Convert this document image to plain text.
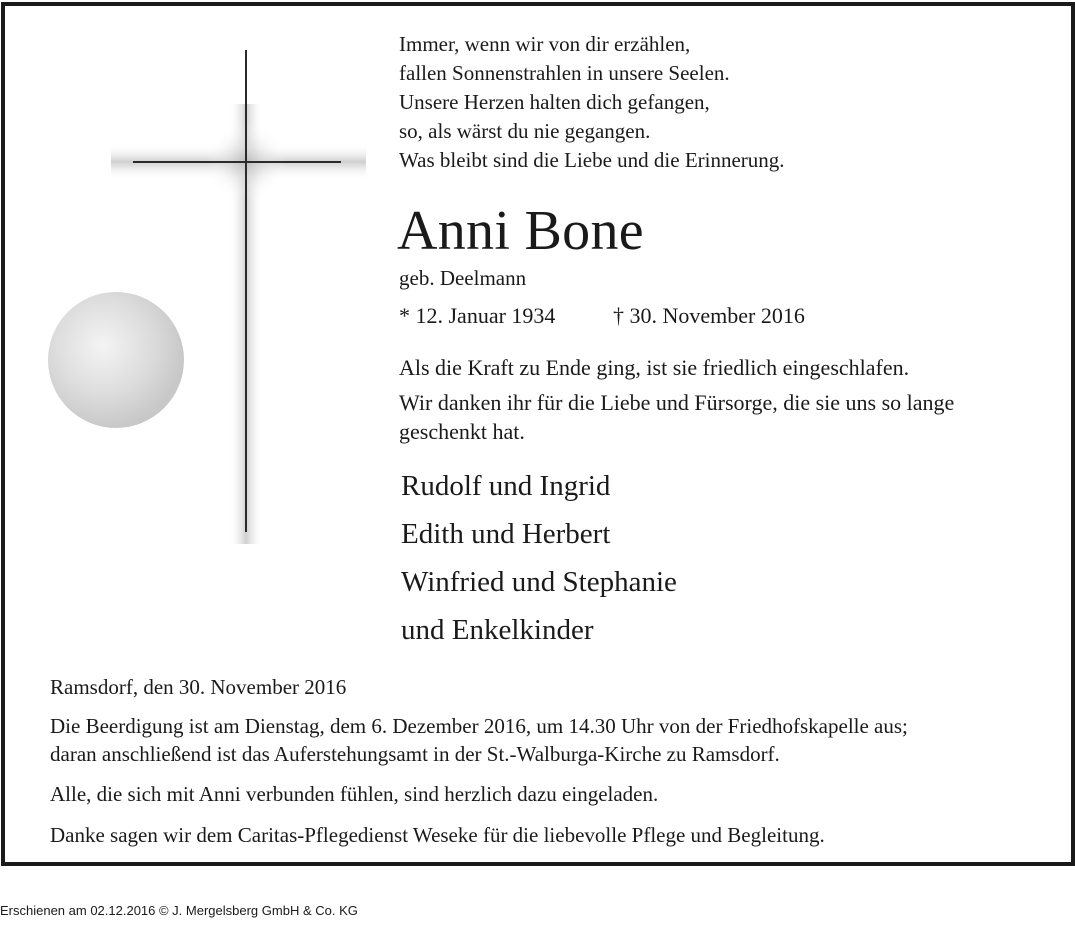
Immer, wenn wir von dir erzählen,
fallen Sonnenstrahlen in unsere Seelen.
Unsere Herzen halten dich gefangen,
so, als wärst du nie gegangen.
Was bleibt sind die Liebe und die Erinnerung.

Anni Bone

geb. Deelmann

* 12. Januar 1934	† 30. November 2016

Als die Kraft zu Ende ging, ist sie friedlich eingeschlafen.

Wir danken ihr für die Liebe und Fürsorge, die sie uns so lange geschenkt hat.

Rudolf und Ingrid
Edith und Herbert
Winfried und Stephanie
und Enkelkinder

Ramsdorf, den 30. November 2016

Die Beerdigung ist am Dienstag, dem 6. Dezember 2016, um 14.30 Uhr von der Friedhofskapelle aus;
daran anschließend ist das Auferstehungsamt in der St.-Walburga-Kirche zu Ramsdorf.

Alle, die sich mit Anni verbunden fühlen, sind herzlich dazu eingeladen.

Danke sagen wir dem Caritas-Pflegedienst Weseke für die liebevolle Pflege und Begleitung.

Erschienen am 02.12.2016 © J. Mergelsberg GmbH & Co. KG
